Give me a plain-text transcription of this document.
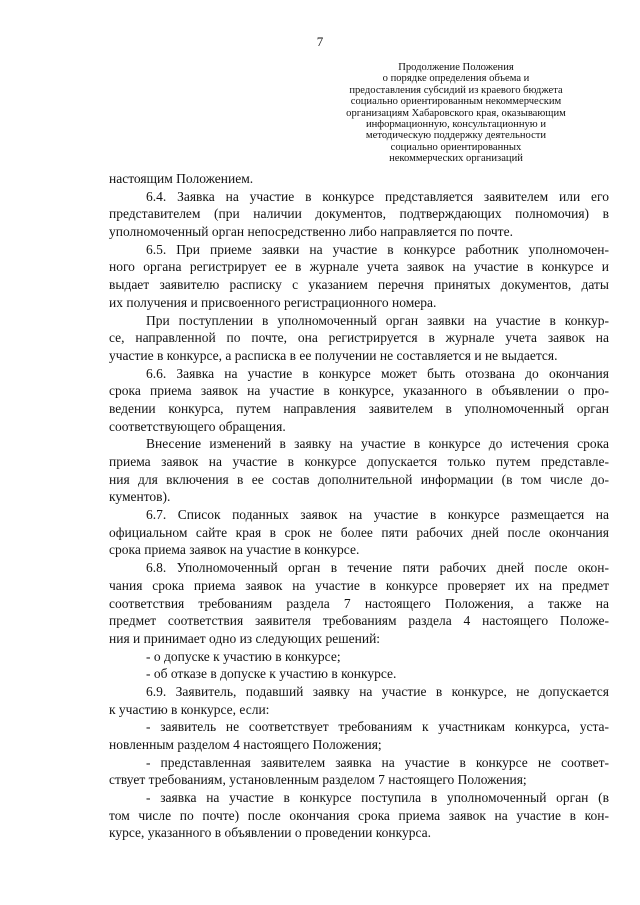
7
Продолжение Положения
о порядке определения объема и
предоставления субсидий из краевого бюджета
социально ориентированным некоммерческим
организациям Хабаровского края, оказывающим
информационную, консультационную и
методическую поддержку деятельности
социально ориентированных
некоммерческих организаций
настоящим Положением.
6.4. Заявка на участие в конкурсе представляется заявителем или его
представителем (при наличии документов, подтверждающих полномочия) в
уполномоченный орган непосредственно либо направляется по почте.
6.5. При приеме заявки на участие в конкурсе работник уполномочен-
ного органа регистрирует ее в журнале учета заявок на участие в конкурсе и
выдает заявителю расписку с указанием перечня принятых документов, даты
их получения и присвоенного регистрационного номера.
При поступлении в уполномоченный орган заявки на участие в конкур-
се, направленной по почте, она регистрируется в журнале учета заявок на
участие в конкурсе, а расписка в ее получении не составляется и не выдается.
6.6. Заявка на участие в конкурсе может быть отозвана до окончания
срока приема заявок на участие в конкурсе, указанного в объявлении о про-
ведении конкурса, путем направления заявителем в уполномоченный орган
соответствующего обращения.
Внесение изменений в заявку на участие в конкурсе до истечения срока
приема заявок на участие в конкурсе допускается только путем представле-
ния для включения в ее состав дополнительной информации (в том числе до-
кументов).
6.7. Список поданных заявок на участие в конкурсе размещается на
официальном сайте края в срок не более пяти рабочих дней после окончания
срока приема заявок на участие в конкурсе.
6.8. Уполномоченный орган в течение пяти рабочих дней после окон-
чания срока приема заявок на участие в конкурсе проверяет их на предмет
соответствия требованиям раздела 7 настоящего Положения, а также на
предмет соответствия заявителя требованиям раздела 4 настоящего Положе-
ния и принимает одно из следующих решений:
- о допуске к участию в конкурсе;
- об отказе в допуске к участию в конкурсе.
6.9. Заявитель, подавший заявку на участие в конкурсе, не допускается
к участию в конкурсе, если:
- заявитель не соответствует требованиям к участникам конкурса, уста-
новленным разделом 4 настоящего Положения;
- представленная заявителем заявка на участие в конкурсе не соответ-
ствует требованиям, установленным разделом 7 настоящего Положения;
- заявка на участие в конкурсе поступила в уполномоченный орган (в
том числе по почте) после окончания срока приема заявок на участие в кон-
курсе, указанного в объявлении о проведении конкурса.
